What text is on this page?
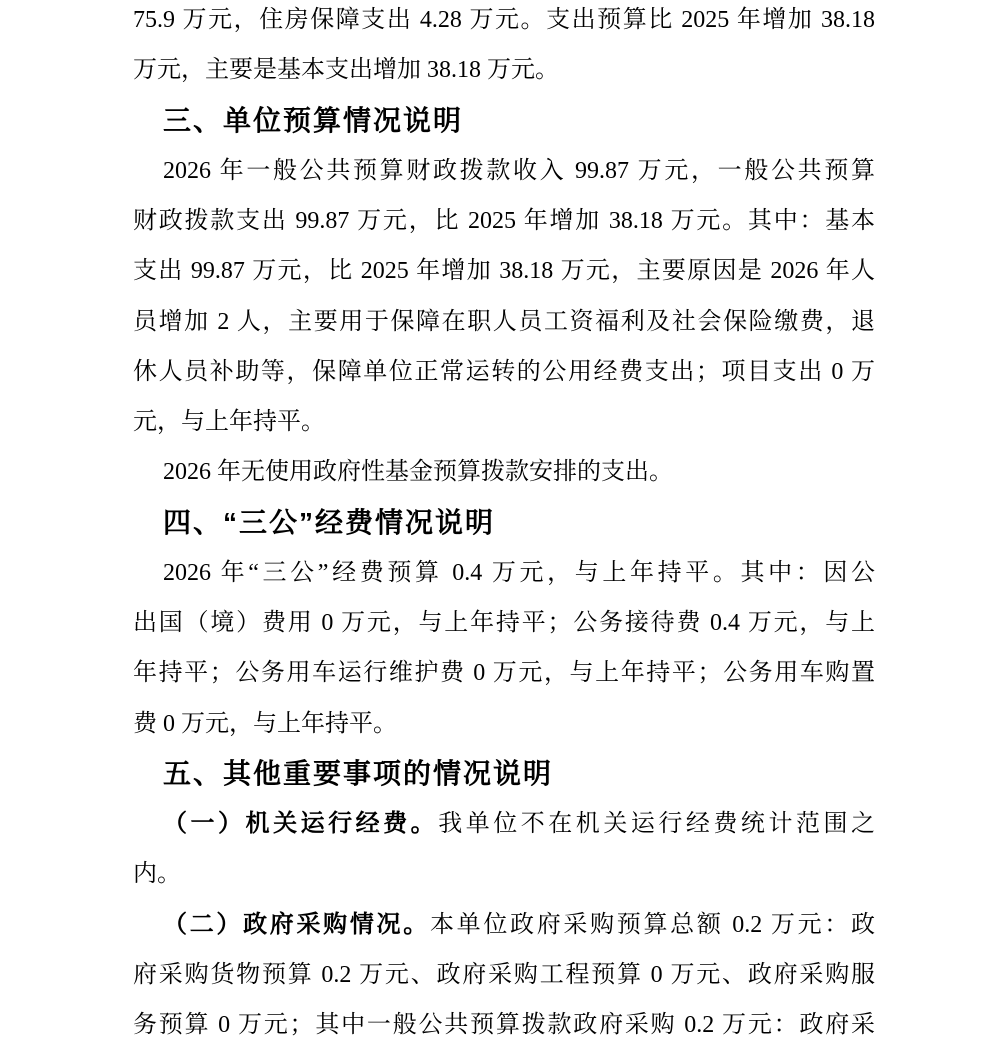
75.9 万元，住房保障支出 4.28 万元。支出预算比 2025 年增加 38.18
万元，主要是基本支出增加 38.18 万元。
三、单位预算情况说明
2026 年一般公共预算财政拨款收入 99.87 万元，一般公共预算
财政拨款支出 99.87 万元，比 2025 年增加 38.18 万元。其中：基本
支出 99.87 万元，比 2025 年增加 38.18 万元，主要原因是 2026 年人
员增加 2 人，主要用于保障在职人员工资福利及社会保险缴费，退
休人员补助等，保障单位正常运转的公用经费支出；项目支出 0 万
元，与上年持平。
2026 年无使用政府性基金预算拨款安排的支出。
四、“三公”经费情况说明
2026 年“三公”经费预算 0.4 万元，与上年持平。其中：因公
出国（境）费用 0 万元，与上年持平；公务接待费 0.4 万元，与上
年持平；公务用车运行维护费 0 万元，与上年持平；公务用车购置
费 0 万元，与上年持平。
五、其他重要事项的情况说明
（一）机关运行经费。我单位不在机关运行经费统计范围之
内。
（二）政府采购情况。本单位政府采购预算总额 0.2 万元：政
府采购货物预算 0.2 万元、政府采购工程预算 0 万元、政府采购服
务预算 0 万元；其中一般公共预算拨款政府采购 0.2 万元：政府采
